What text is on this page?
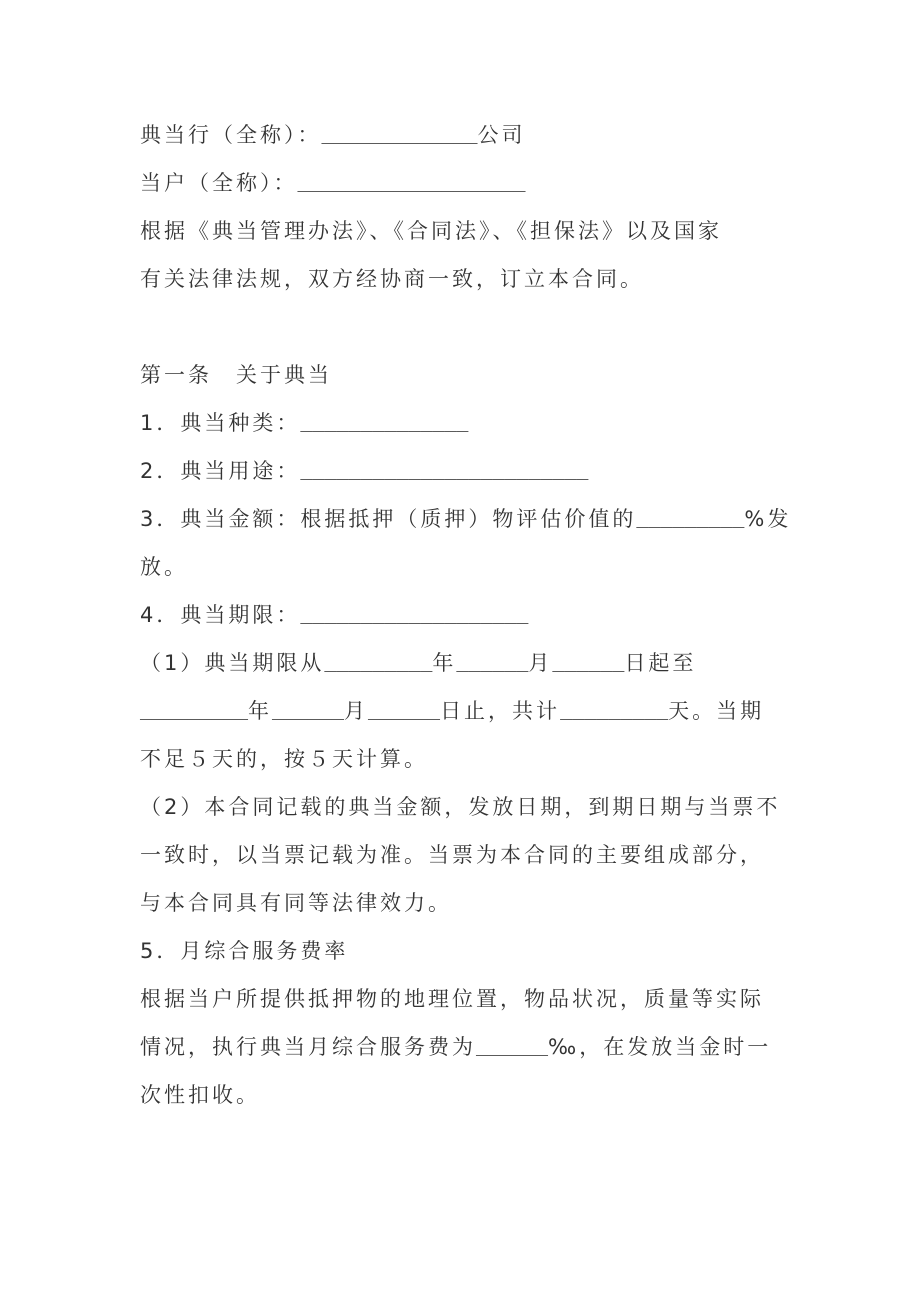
典当行（全称）：_____________公司
当户（全称）：___________________
根据《典当管理办法》、《合同法》、《担保法》以及国家
有关法律法规，双方经协商一致，订立本合同。
第一条　关于典当
1．典当种类：______________
2．典当用途：________________________
3．典当金额：根据抵押（质押）物评估价值的_________%发
放。
4．典当期限：___________________
（1）典当期限从_________年______月______日起至
_________年______月______日止，共计_________天。当期
不足５天的，按５天计算。
（2）本合同记载的典当金额，发放日期，到期日期与当票不
一致时，以当票记载为准。当票为本合同的主要组成部分，
与本合同具有同等法律效力。
5．月综合服务费率
根据当户所提供抵押物的地理位置，物品状况，质量等实际
情况，执行典当月综合服务费为______‰，在发放当金时一
次性扣收。
